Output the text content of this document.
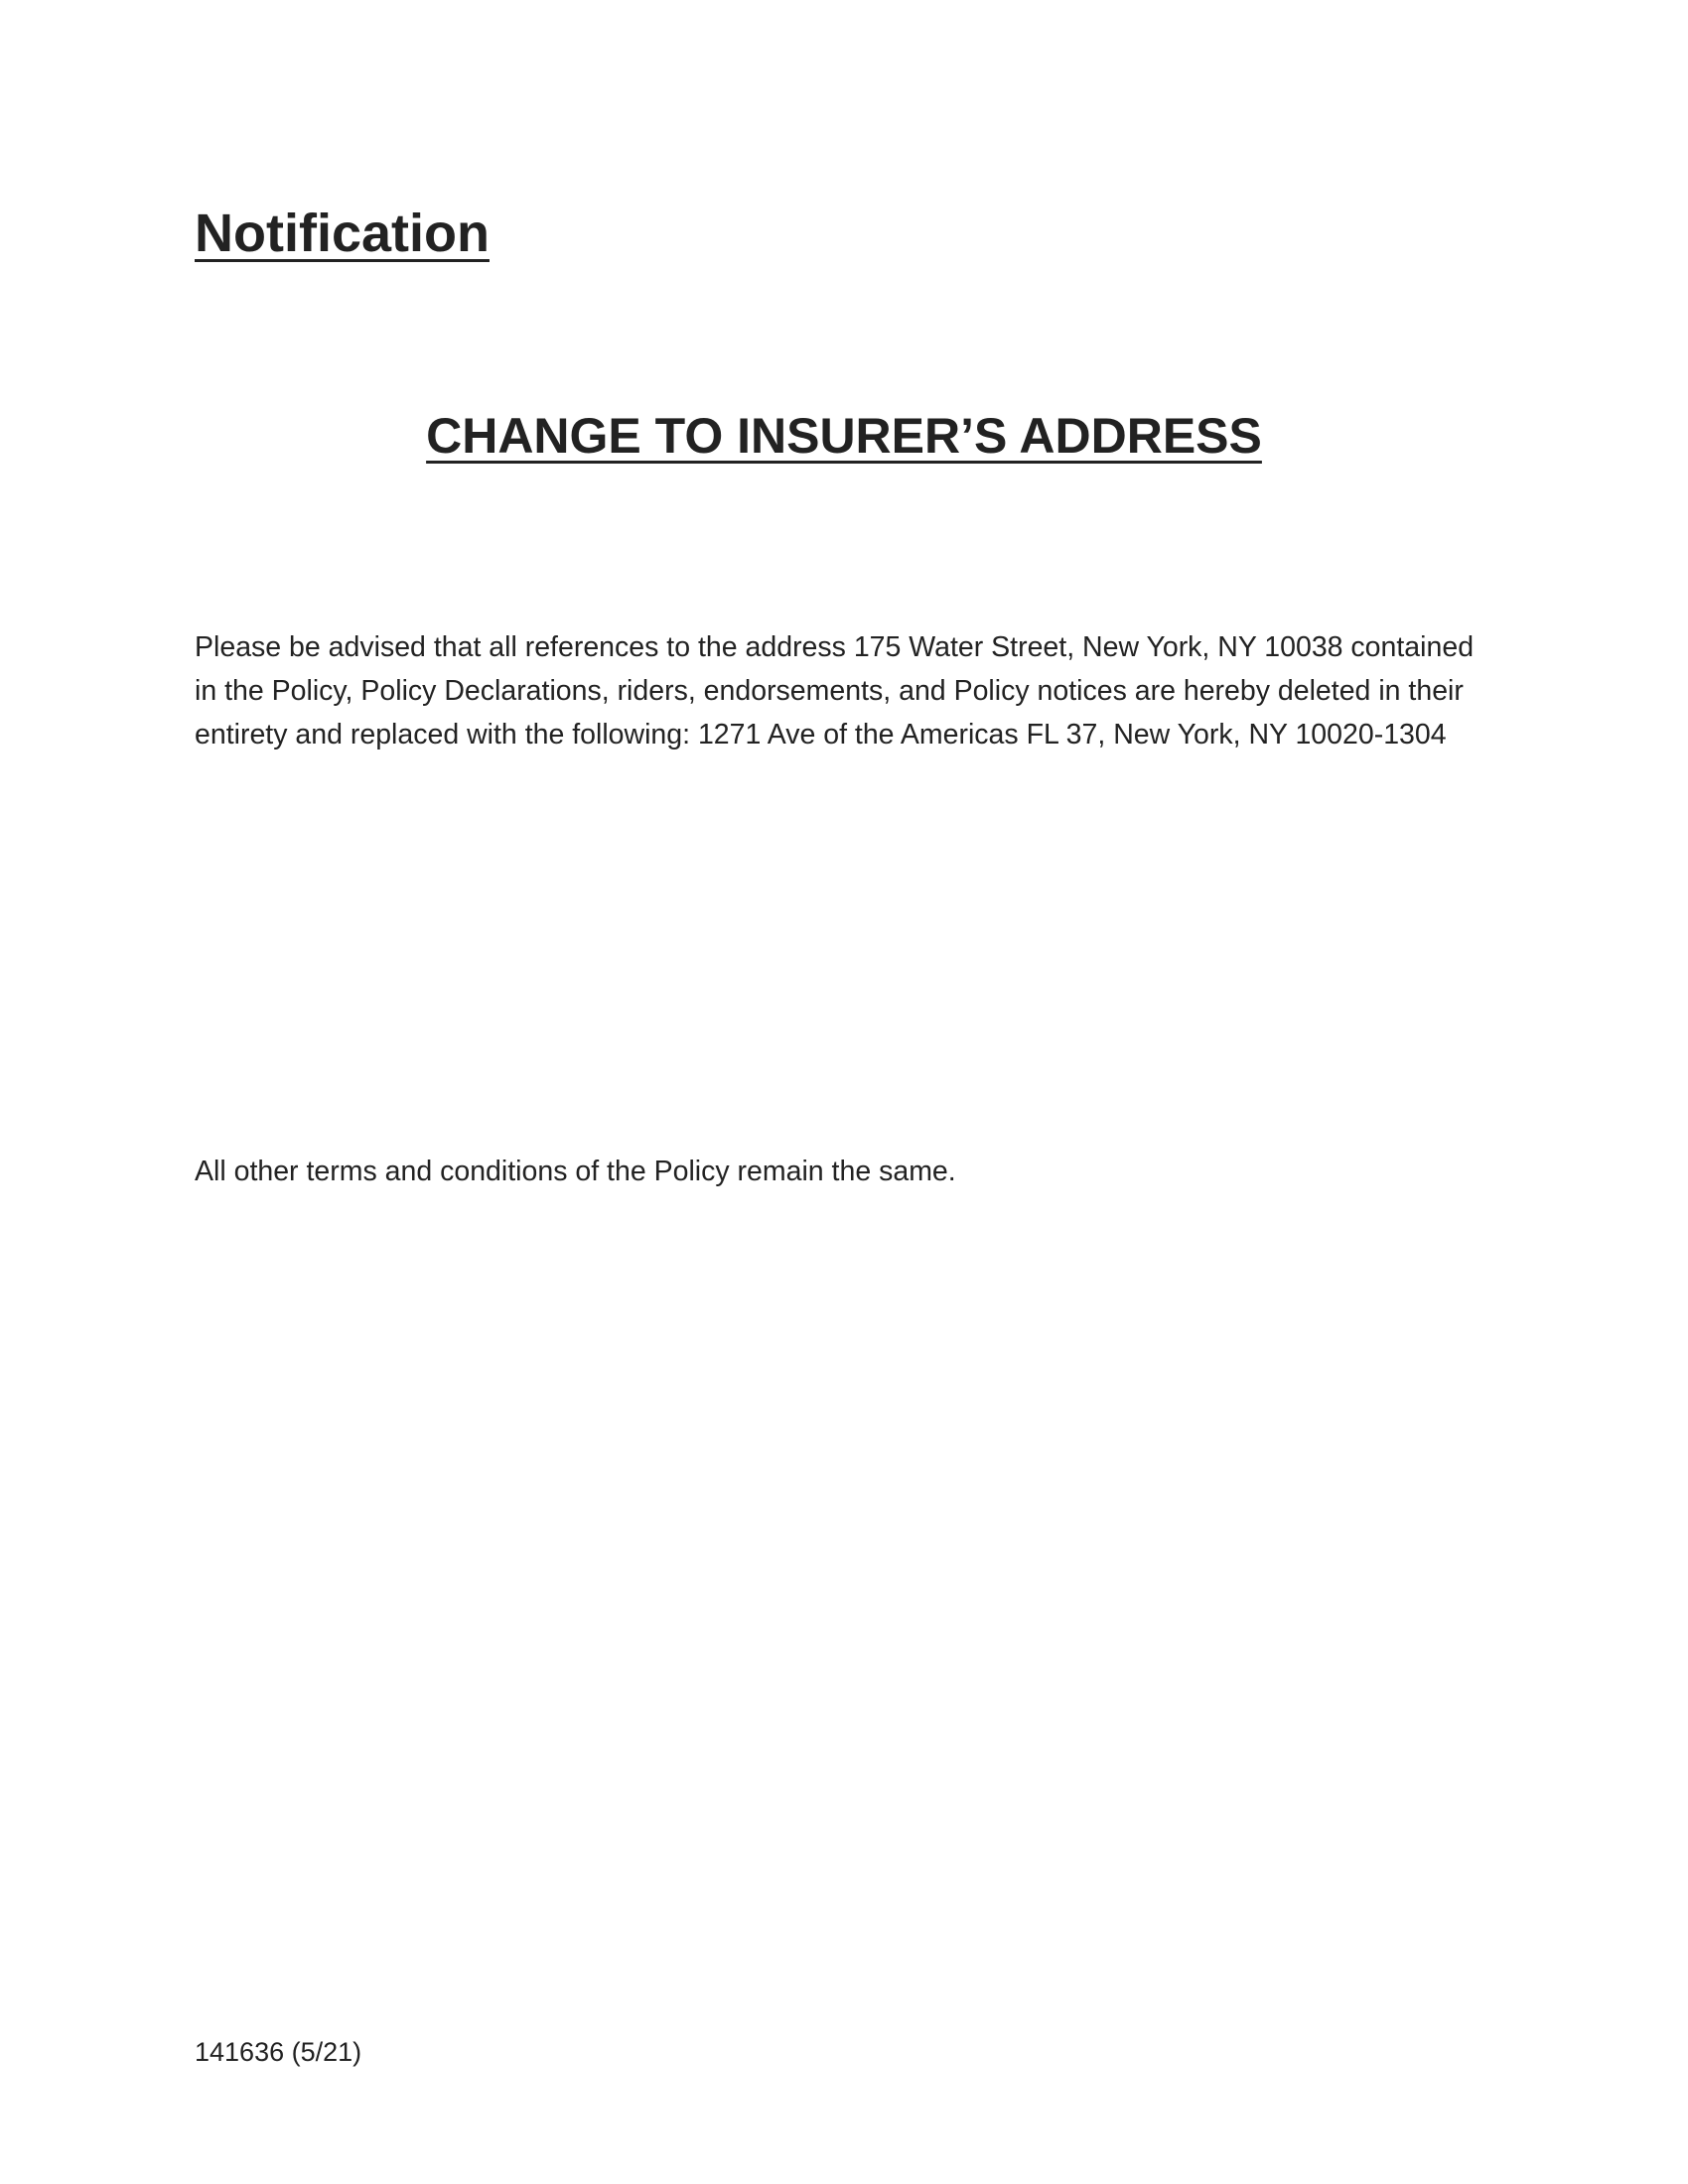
Notification
CHANGE TO INSURER’S ADDRESS

Please be advised that all references to the address 175 Water Street, New York, NY 10038 contained in the Policy, Policy Declarations, riders, endorsements, and Policy notices are hereby deleted in their entirety and replaced with the following: 1271 Ave of the Americas FL 37, New York, NY 10020-1304

All other terms and conditions of the Policy remain the same.

141636 (5/21)
